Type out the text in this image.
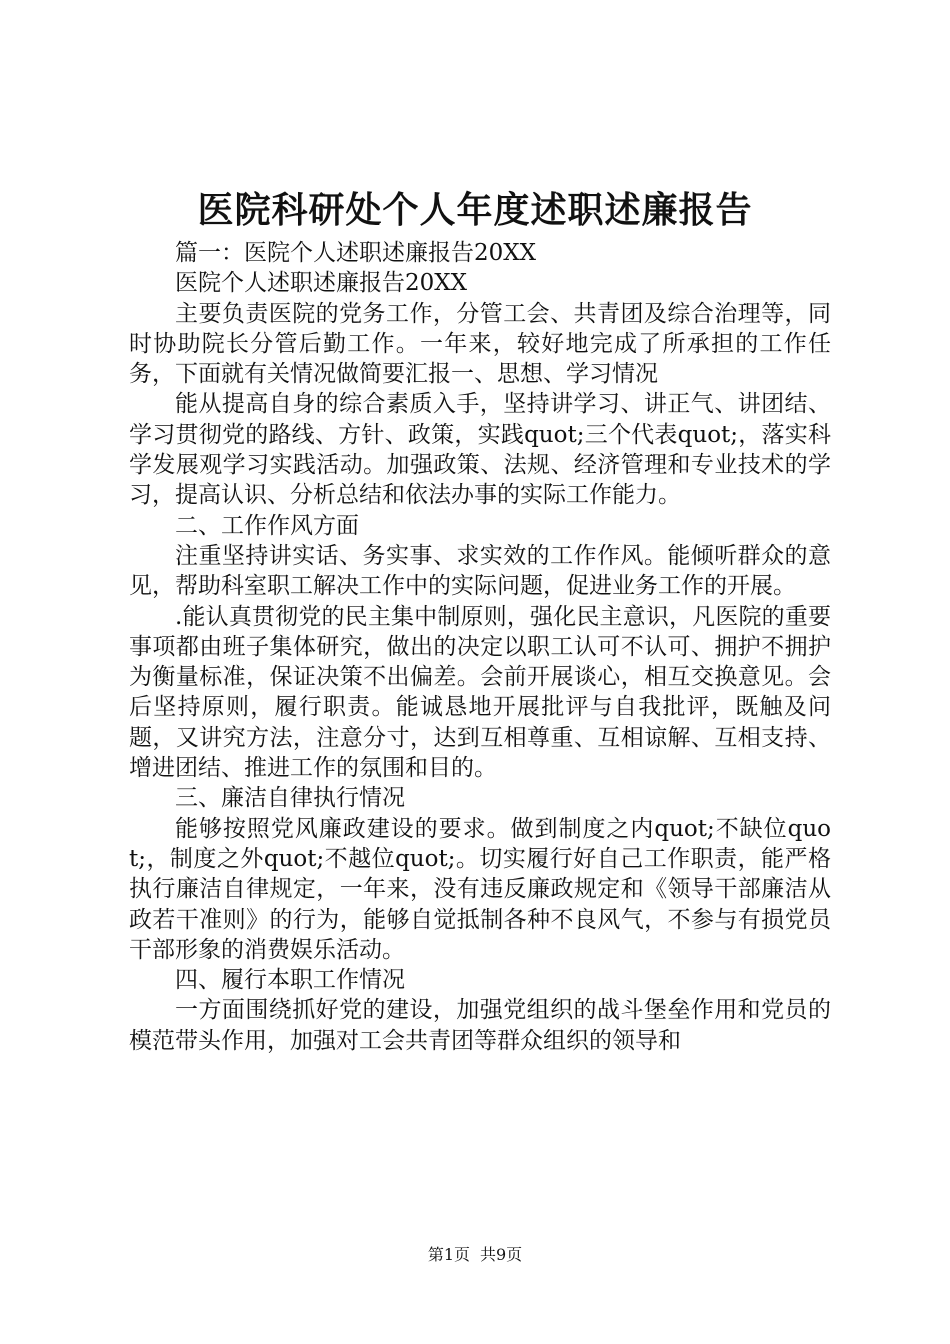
医院科研处个人年度述职述廉报告

篇一：医院个人述职述廉报告20XX

医院个人述职述廉报告20XX

主要负责医院的党务工作，分管工会、共青团及综合治理等，同时协助院长分管后勤工作。一年来，较好地完成了所承担的工作任务，下面就有关情况做简要汇报一、思想、学习情况

能从提高自身的综合素质入手，坚持讲学习、讲正气、讲团结、学习贯彻党的路线、方针、政策，实践quot;三个代表quot;，落实科学发展观学习实践活动。加强政策、法规、经济管理和专业技术的学习，提高认识、分析总结和依法办事的实际工作能力。

二、工作作风方面

注重坚持讲实话、务实事、求实效的工作作风。能倾听群众的意见，帮助科室职工解决工作中的实际问题，促进业务工作的开展。

.能认真贯彻党的民主集中制原则，强化民主意识，凡医院的重要事项都由班子集体研究，做出的决定以职工认可不认可、拥护不拥护为衡量标准，保证决策不出偏差。会前开展谈心，相互交换意见。会后坚持原则，履行职责。能诚恳地开展批评与自我批评，既触及问题，又讲究方法，注意分寸，达到互相尊重、互相谅解、互相支持、增进团结、推进工作的氛围和目的。

三、廉洁自律执行情况

能够按照党风廉政建设的要求。做到制度之内quot;不缺位quot;，制度之外quot;不越位quot;。切实履行好自己工作职责，能严格执行廉洁自律规定，一年来，没有违反廉政规定和《领导干部廉洁从政若干准则》的行为，能够自觉抵制各种不良风气，不参与有损党员干部形象的消费娱乐活动。

四、履行本职工作情况

一方面围绕抓好党的建设，加强党组织的战斗堡垒作用和党员的模范带头作用，加强对工会共青团等群众组织的领导和

第1页 共9页
